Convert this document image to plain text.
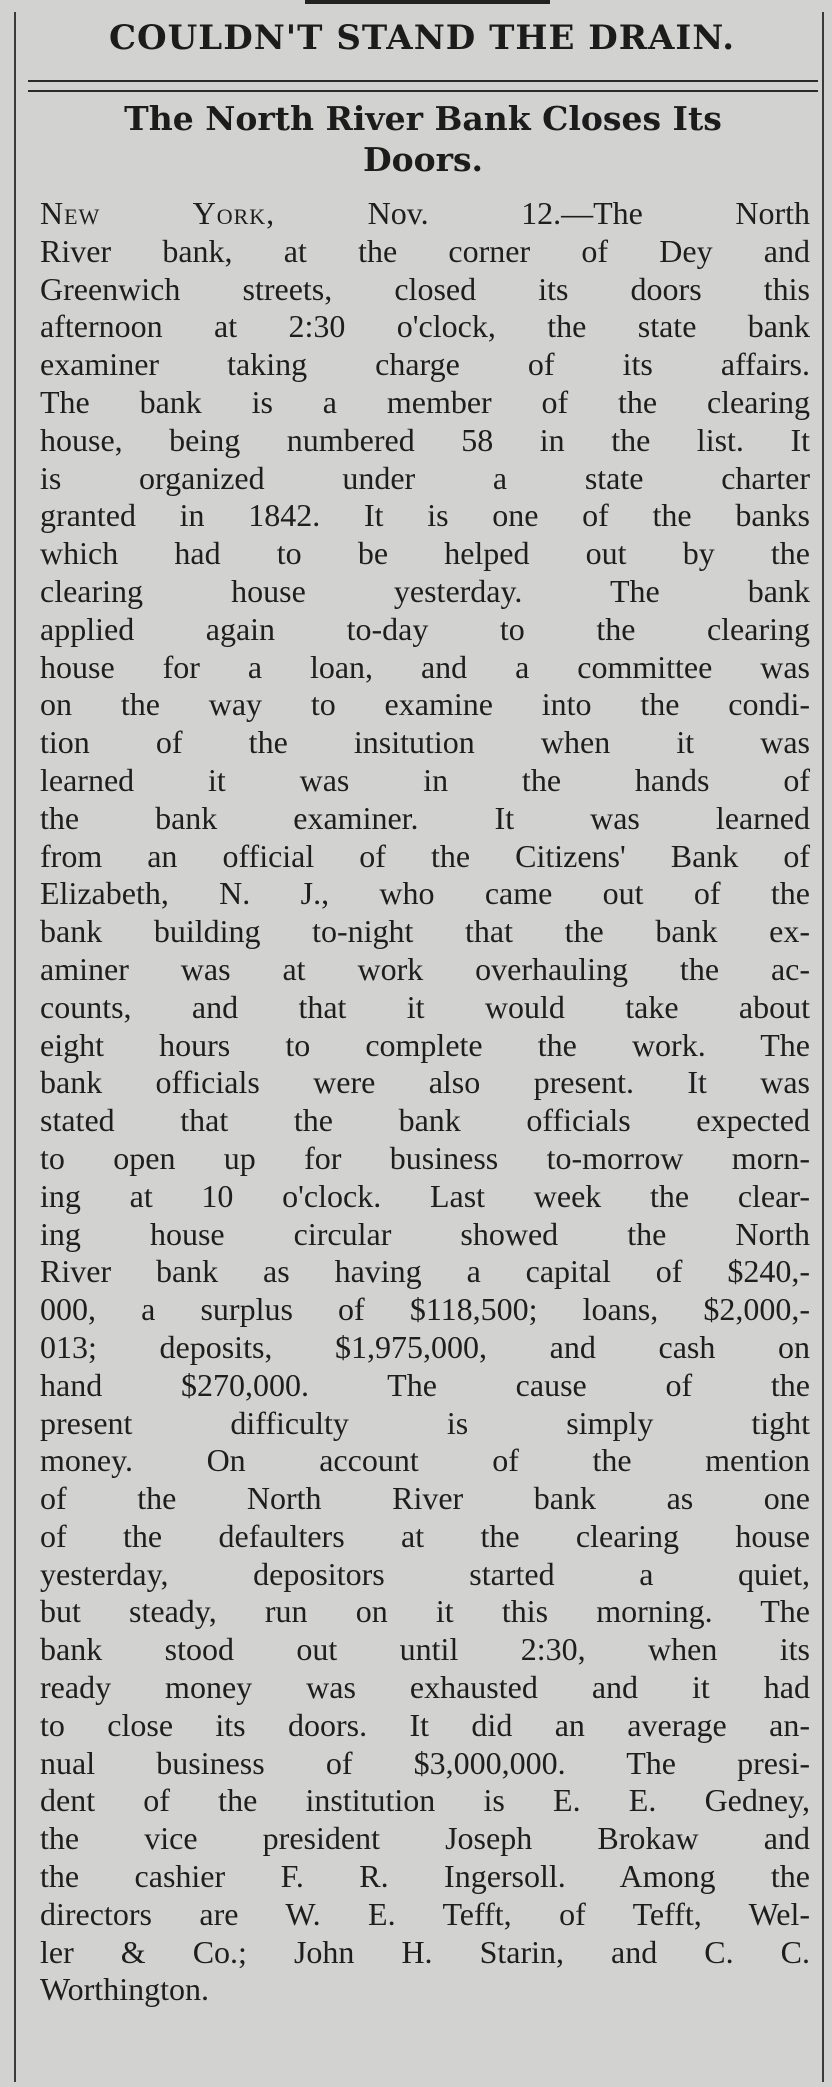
COULDN'T STAND THE DRAIN.
The North River Bank Closes Its
Doors.
New York, Nov. 12.—The North
River bank, at the corner of Dey and
Greenwich streets, closed its doors this
afternoon at 2:30 o'clock, the state bank
examiner taking charge of its affairs.
The bank is a member of the clearing
house, being numbered 58 in the list. It
is organized under a state charter
granted in 1842. It is one of the banks
which had to be helped out by the
clearing house yesterday. The bank
applied again to-day to the clearing
house for a loan, and a committee was
on the way to examine into the condi-
tion of the insitution when it was
learned it was in the hands of
the bank examiner. It was learned
from an official of the Citizens' Bank of
Elizabeth, N. J., who came out of the
bank building to-night that the bank ex-
aminer was at work overhauling the ac-
counts, and that it would take about
eight hours to complete the work. The
bank officials were also present. It was
stated that the bank officials expected
to open up for business to-morrow morn-
ing at 10 o'clock. Last week the clear-
ing house circular showed the North
River bank as having a capital of $240,-
000, a surplus of $118,500; loans, $2,000,-
013; deposits, $1,975,000, and cash on
hand $270,000. The cause of the
present difficulty is simply tight
money. On account of the mention
of the North River bank as one
of the defaulters at the clearing house
yesterday, depositors started a quiet,
but steady, run on it this morning. The
bank stood out until 2:30, when its
ready money was exhausted and it had
to close its doors. It did an average an-
nual business of $3,000,000. The presi-
dent of the institution is E. E. Gedney,
the vice president Joseph Brokaw and
the cashier F. R. Ingersoll. Among the
directors are W. E. Tefft, of Tefft, Wel-
ler & Co.; John H. Starin, and C. C.
Worthington.
